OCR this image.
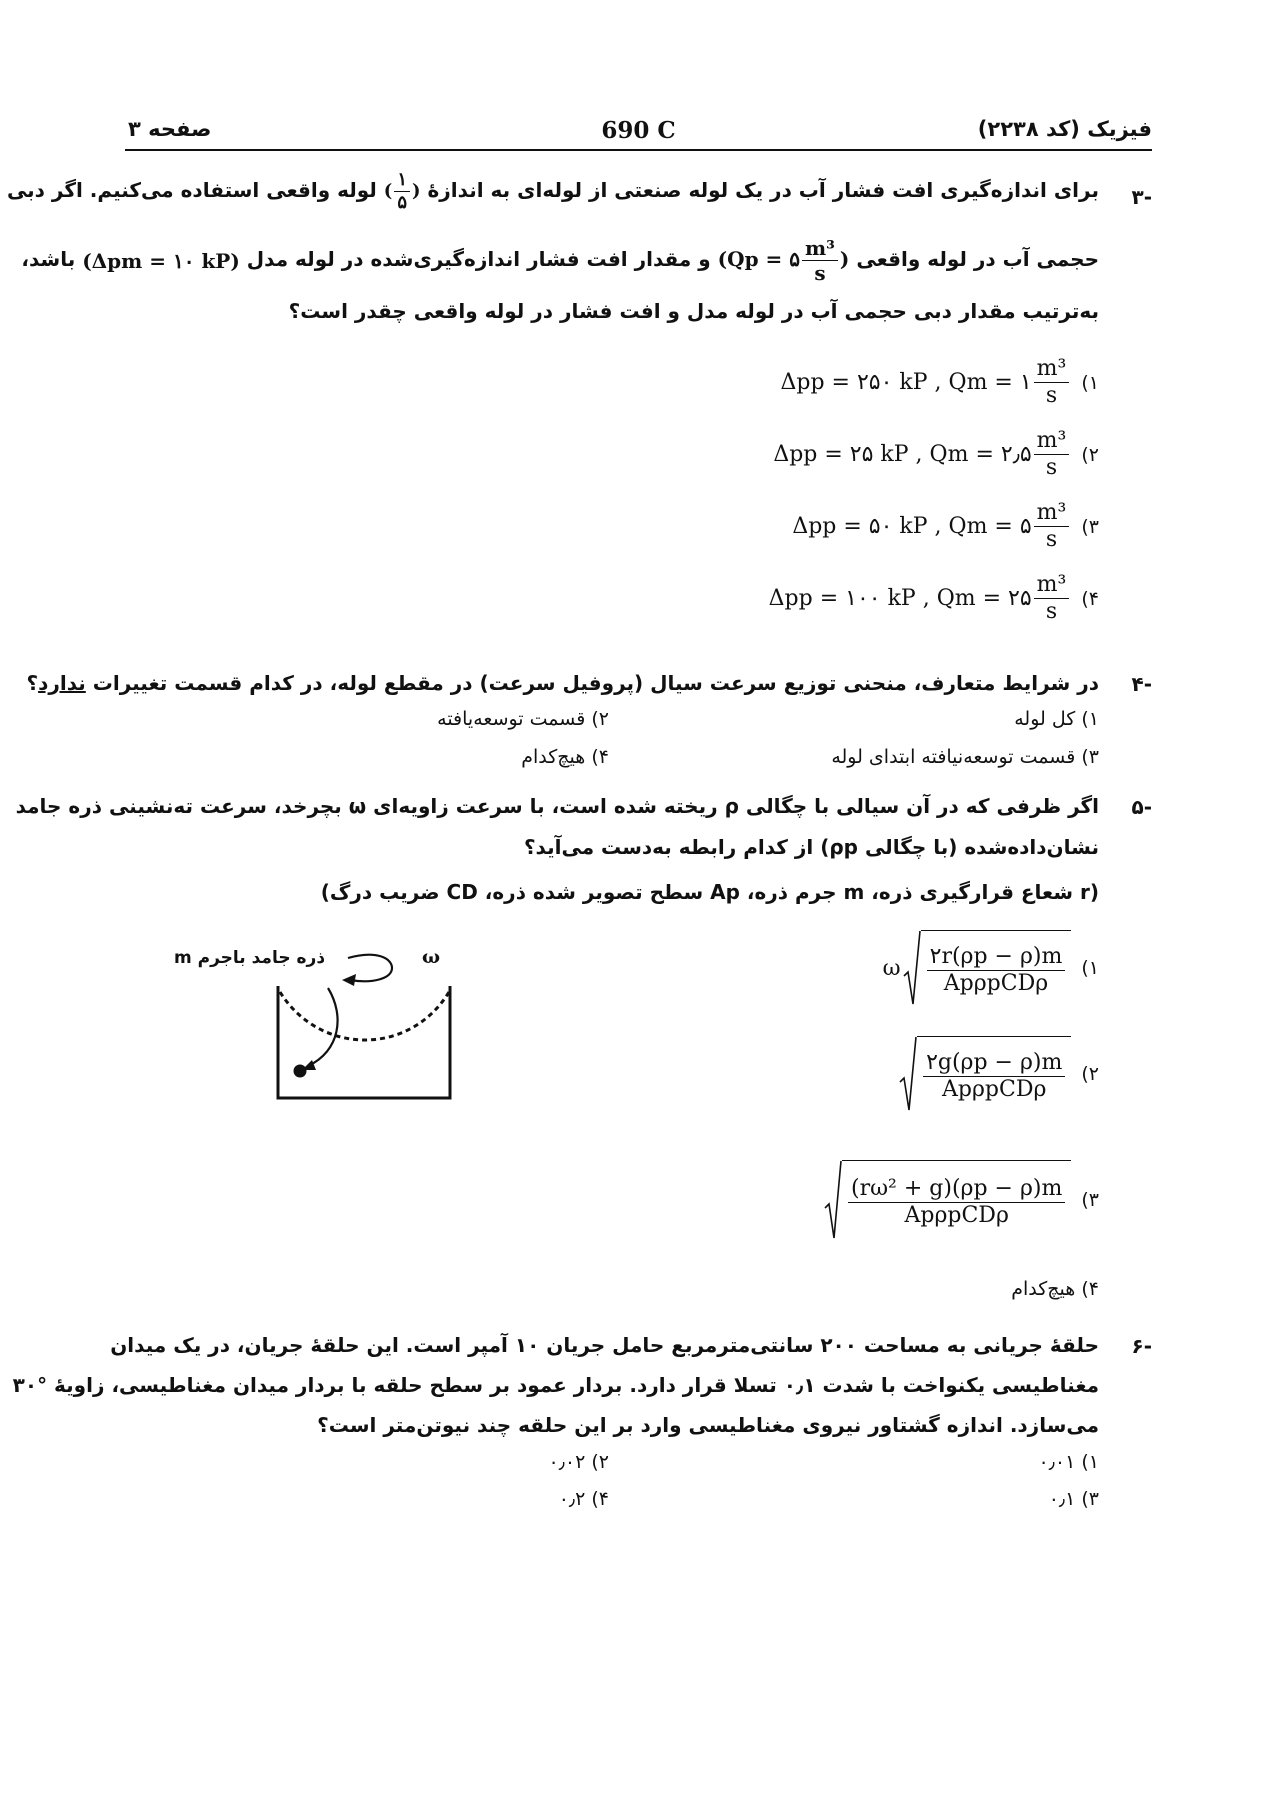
فیزیک (کد ۲۲۳۸)
690 C
صفحه ۳
-۳
برای اندازه‌گیری افت فشار آب در یک لوله صنعتی از لوله‌ای به اندازهٔ ( $\frac{۱}{۵}$ ) لوله واقعی استفاده می‌کنیم. اگر دبی
حجمی آب در لوله واقعی (Qp = ۵ $\frac{\text{m³}}{s}$ ) و مقدار افت فشار اندازه‌گیری‌شده در لوله مدل (Δpm = ۱۰ kP) باشد،
به‌ترتیب مقدار دبی حجمی آب در لوله مدل و افت فشار در لوله واقعی چقدر است؟
۱)
Δpp = ۲۵۰ kP , Qm = ۱ $\frac{\text{m³}}{s}$
۲)
Δpp = ۲۵ kP , Qm = ۲٫۵ $\frac{\text{m³}}{s}$
۳)
Δpp = ۵۰ kP , Qm = ۵ $\frac{\text{m³}}{s}$
۴)
Δpp = ۱۰۰ kP , Qm = ۲۵ $\frac{\text{m³}}{s}$
-۴
در شرایط متعارف، منحنی توزیع سرعت سیال (پروفیل سرعت) در مقطع لوله، در کدام قسمت تغییرات ندارد؟
۱) کل لوله
۲) قسمت توسعه‌یافته
۳) قسمت توسعه‌نیافته ابتدای لوله
۴) هیچ‌کدام
-۵
اگر ظرفی که در آن سیالی با چگالی ρ ریخته شده است، با سرعت زاویه‌ای ω بچرخد، سرعت ته‌نشینی ذره جامد
نشان‌داده‌شده (با چگالی ρp) از کدام رابطه به‌دست می‌آید؟
(r شعاع قرارگیری ذره، m جرم ذره، Ap سطح تصویر شده ذره، CD ضریب درگ)
ذره جامد باجرم m	ω	۱)
ω $\frac{۲r(\rho p - \rho)m}{\text{ApρpCDρ}}$
۲)
$\frac{۲g(\rho p - \rho)m}{\text{ApρpCDρ}}$
۳)
$\frac{\text{(rω² + g)(ρp − ρ)m}}{\text{ApρpCDρ}}$
۴) هیچ‌کدام
-۶
حلقهٔ جریانی به مساحت ۲۰۰ سانتی‌مترمربع حامل جریان ۱۰ آمپر است. این حلقهٔ جریان، در یک میدان
مغناطیسی یکنواخت با شدت ۰٫۱ تسلا قرار دارد. بردار عمود بر سطح حلقه با بردار میدان مغناطیسی، زاویهٔ °۳۰
می‌سازد. اندازه گشتاور نیروی مغناطیسی وارد بر این حلقه چند نیوتن‌متر است؟
۱) ۰٫۰۱
۲) ۰٫۰۲
۳) ۰٫۱
۴) ۰٫۲
